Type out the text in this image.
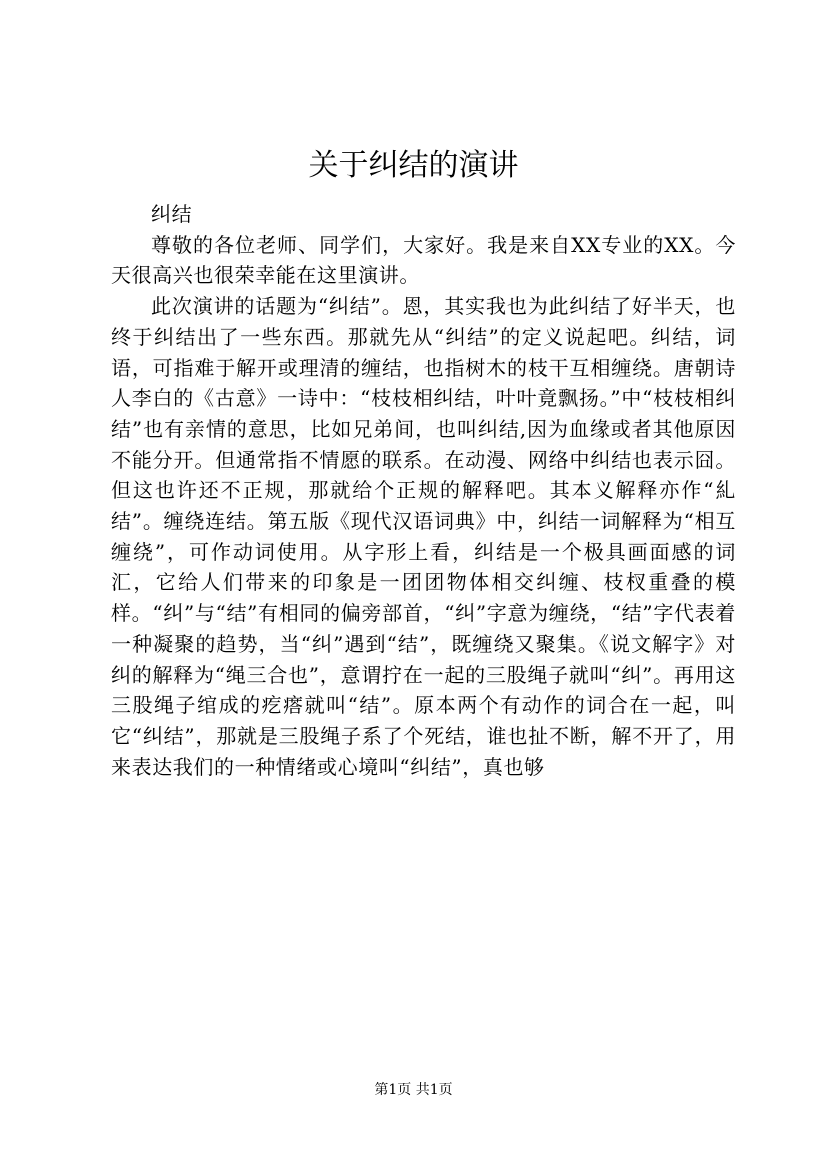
关于纠结的演讲

纠结

尊敬的各位老师、同学们，大家好。我是来自XX专业的XX。今天很高兴也很荣幸能在这里演讲。

此次演讲的话题为“纠结”。恩，其实我也为此纠结了好半天，也终于纠结出了一些东西。那就先从“纠结”的定义说起吧。纠结，词语，可指难于解开或理清的缠结，也指树木的枝干互相缠绕。唐朝诗人李白的《古意》一诗中：“枝枝相纠结，叶叶竟飘扬。”中“枝枝相纠结”也有亲情的意思，比如兄弟间，也叫纠结,因为血缘或者其他原因不能分开。但通常指不情愿的联系。在动漫、网络中纠结也表示囧。但这也许还不正规，那就给个正规的解释吧。其本义解释亦作“糺结”。缠绕连结。第五版《现代汉语词典》中，纠结一词解释为“相互缠绕”，可作动词使用。从字形上看，纠结是一个极具画面感的词汇，它给人们带来的印象是一团团物体相交纠缠、枝杈重叠的模样。“纠”与“结”有相同的偏旁部首，“纠”字意为缠绕，“结”字代表着一种凝聚的趋势，当“纠”遇到“结”，既缠绕又聚集。《说文解字》对纠的解释为“绳三合也”，意谓拧在一起的三股绳子就叫“纠”。再用这三股绳子绾成的疙瘩就叫“结”。原本两个有动作的词合在一起，叫它“纠结”，那就是三股绳子系了个死结，谁也扯不断，解不开了，用来表达我们的一种情绪或心境叫“纠结”，真也够

第1页 共1页
